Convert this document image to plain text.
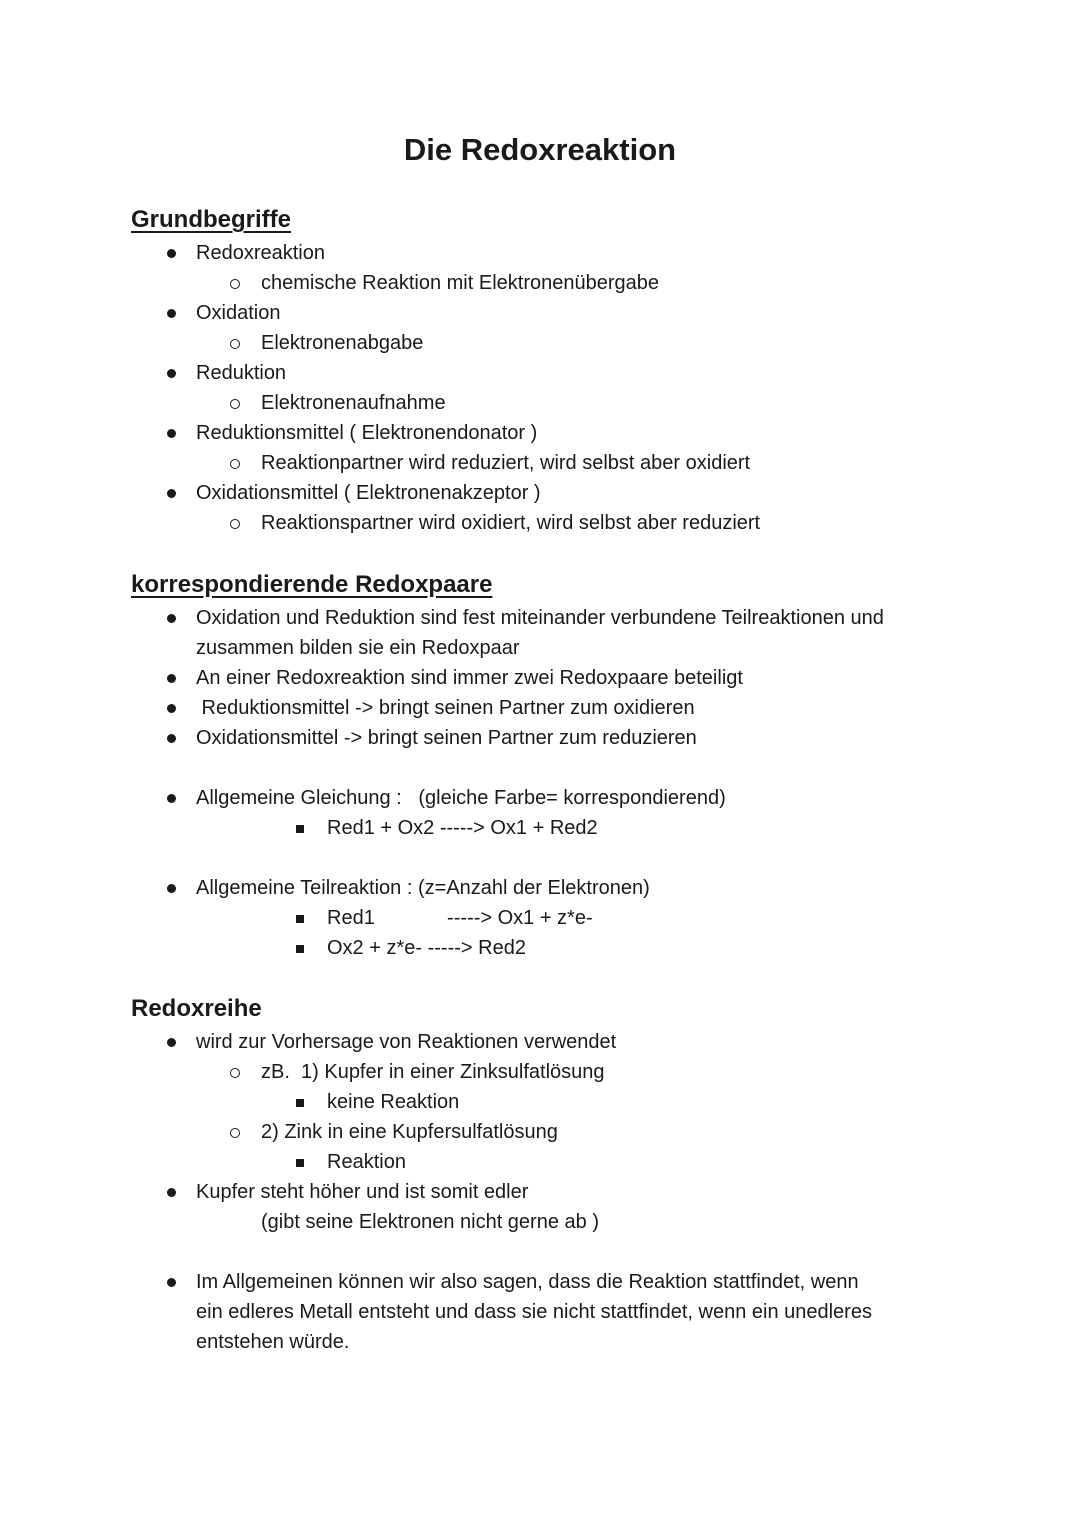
Die Redoxreaktion
Grundbegriffe
Redoxreaktion
chemische Reaktion mit Elektronenübergabe
Oxidation
Elektronenabgabe
Reduktion
Elektronenaufnahme
Reduktionsmittel ( Elektronendonator )
Reaktionpartner wird reduziert, wird selbst aber oxidiert
Oxidationsmittel ( Elektronenakzeptor )
Reaktionspartner wird oxidiert, wird selbst aber reduziert
korrespondierende Redoxpaare
Oxidation und Reduktion sind fest miteinander verbundene Teilreaktionen und
zusammen bilden sie ein Redoxpaar
An einer Redoxreaktion sind immer zwei Redoxpaare beteiligt
Reduktionsmittel -> bringt seinen Partner zum oxidieren
Oxidationsmittel -> bringt seinen Partner zum reduzieren
Allgemeine Gleichung :   (gleiche Farbe= korrespondierend)
Red1 + Ox2 -----> Ox1 + Red2
Allgemeine Teilreaktion : (z=Anzahl der Elektronen)
Red1             -----> Ox1 + z*e-
Ox2 + z*e- -----> Red2
Redoxreihe
wird zur Vorhersage von Reaktionen verwendet
zB.  1) Kupfer in einer Zinksulfatlösung
keine Reaktion
2) Zink in eine Kupfersulfatlösung
Reaktion
Kupfer steht höher und ist somit edler
(gibt seine Elektronen nicht gerne ab )
Im Allgemeinen können wir also sagen, dass die Reaktion stattfindet, wenn
ein edleres Metall entsteht und dass sie nicht stattfindet, wenn ein unedleres
entstehen würde.
